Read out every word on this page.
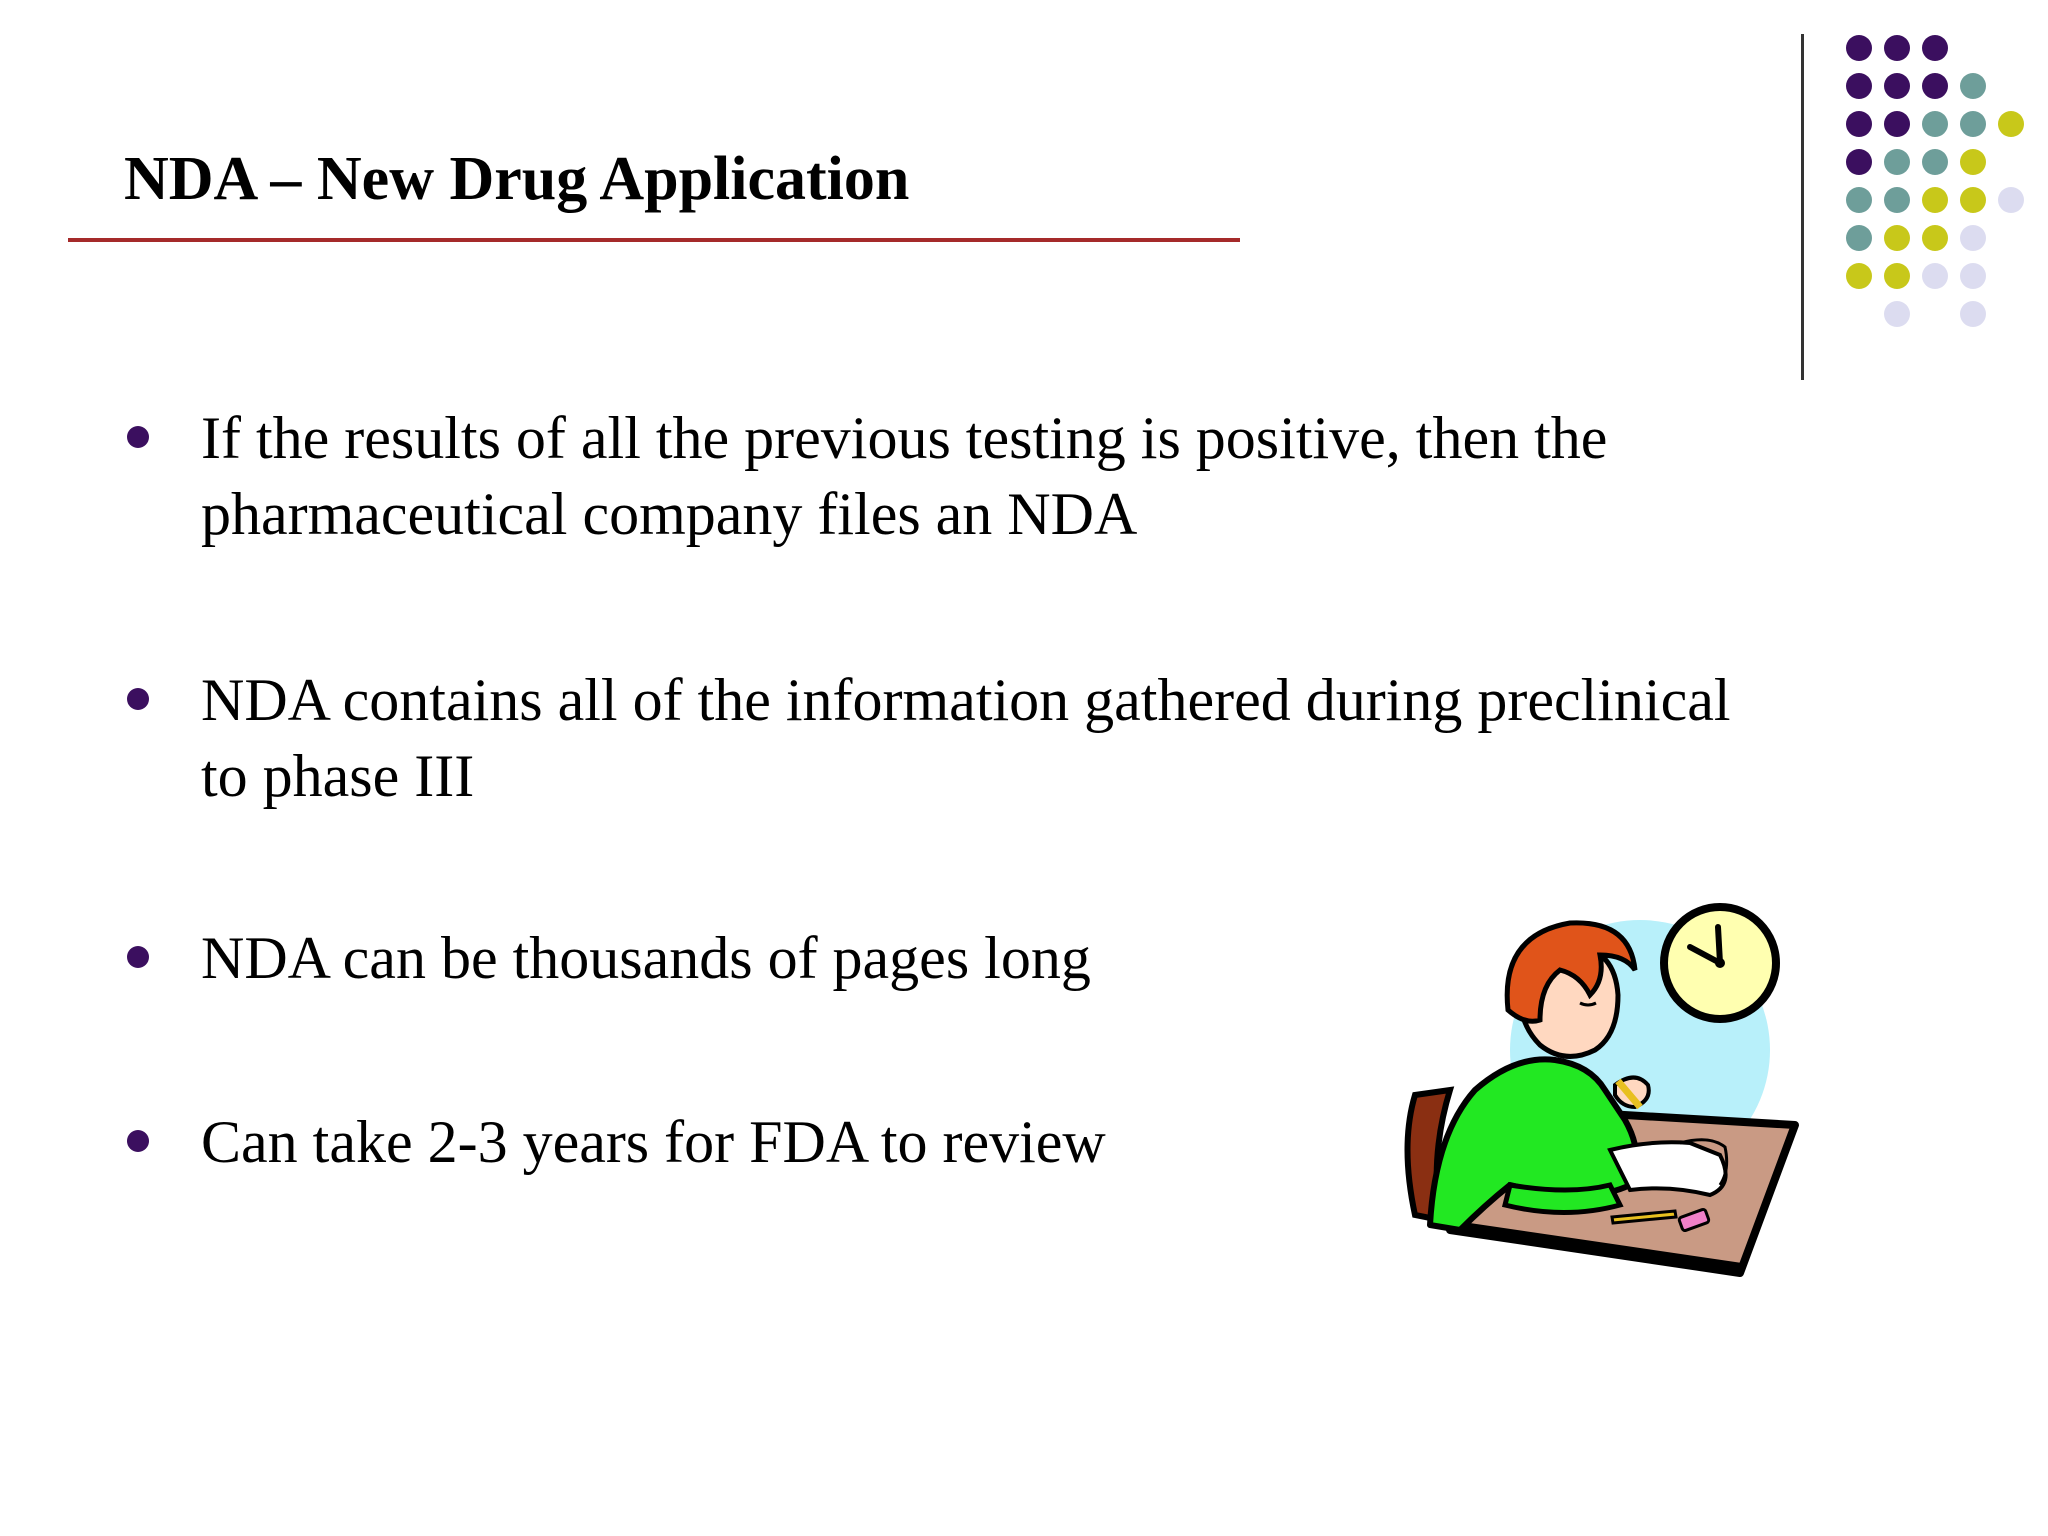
NDA – New Drug Application
If the results of all the previous testing is positive, then the pharmaceutical company files an NDA
NDA contains all of the information gathered during preclinical to phase III
NDA can be thousands of pages long
Can take 2-3 years for FDA to review
